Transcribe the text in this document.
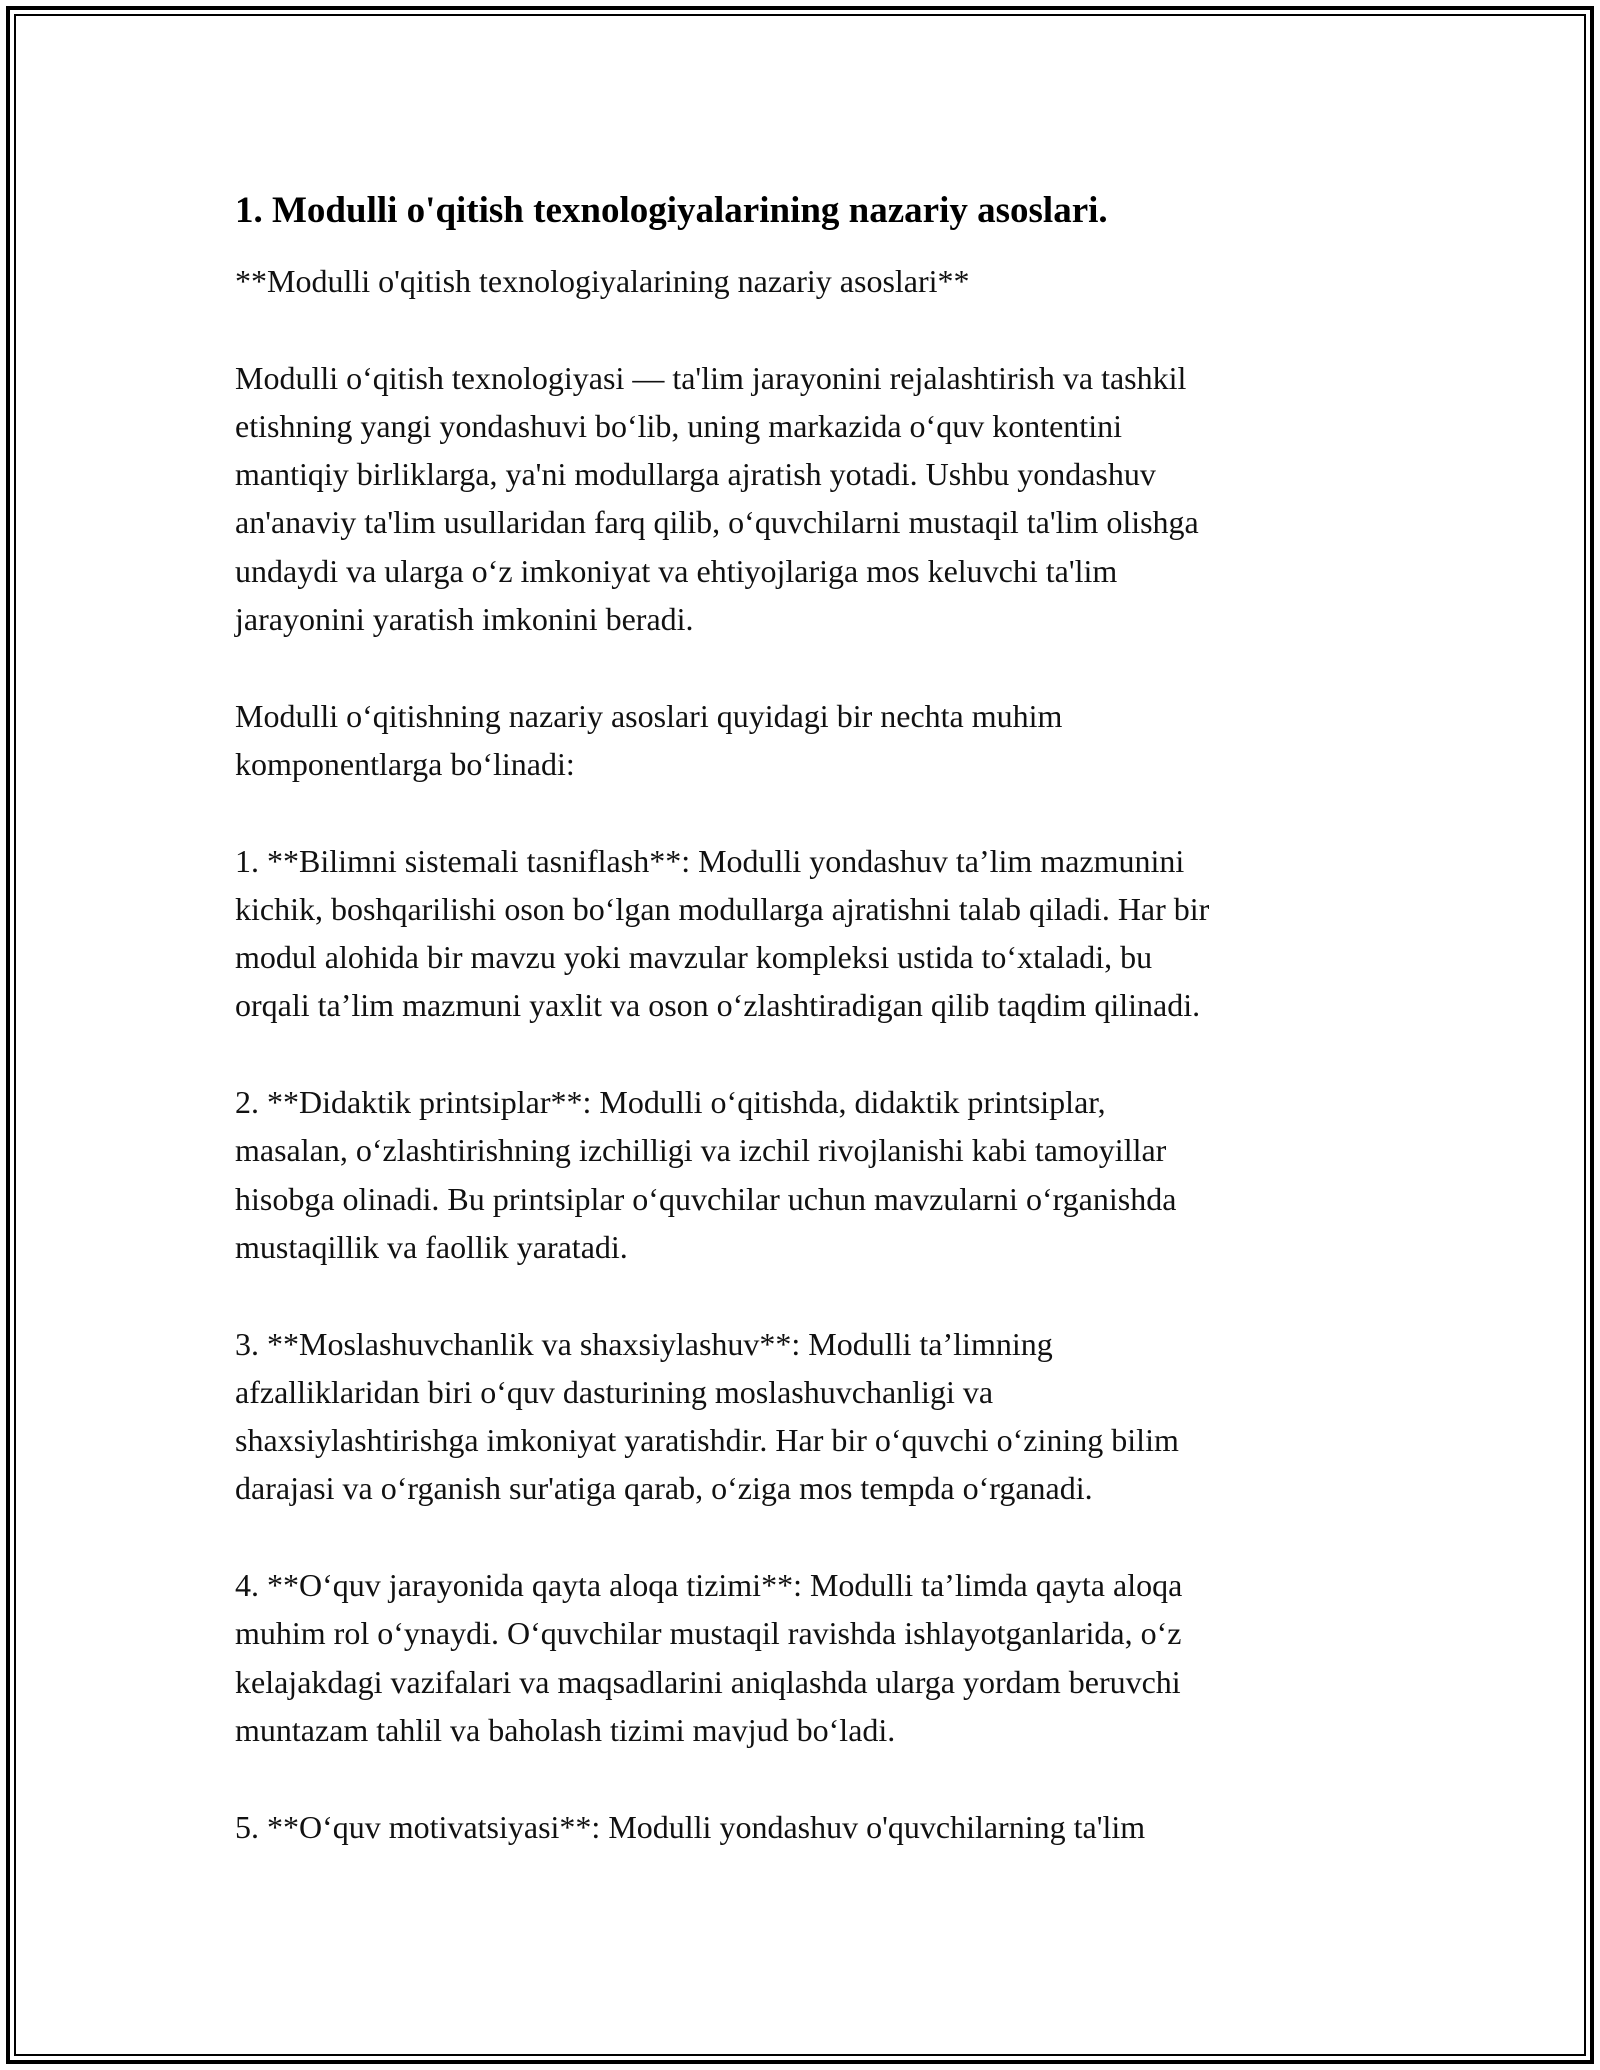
1. Modulli o'qitish texnologiyalarining nazariy asoslari.

**Modulli o'qitish texnologiyalarining nazariy asoslari**

Modulli o‘qitish texnologiyasi — ta'lim jarayonini rejalashtirish va tashkil
etishning yangi yondashuvi bo‘lib, uning markazida o‘quv kontentini
mantiqiy birliklarga, ya'ni modullarga ajratish yotadi. Ushbu yondashuv
an'anaviy ta'lim usullaridan farq qilib, o‘quvchilarni mustaqil ta'lim olishga
undaydi va ularga o‘z imkoniyat va ehtiyojlariga mos keluvchi ta'lim
jarayonini yaratish imkonini beradi.

Modulli o‘qitishning nazariy asoslari quyidagi bir nechta muhim
komponentlarga bo‘linadi:

1. **Bilimni sistemali tasniflash**: Modulli yondashuv ta’lim mazmunini
kichik, boshqarilishi oson bo‘lgan modullarga ajratishni talab qiladi. Har bir
modul alohida bir mavzu yoki mavzular kompleksi ustida to‘xtaladi, bu
orqali ta’lim mazmuni yaxlit va oson o‘zlashtiradigan qilib taqdim qilinadi.

2. **Didaktik printsiplar**: Modulli o‘qitishda, didaktik printsiplar,
masalan, o‘zlashtirishning izchilligi va izchil rivojlanishi kabi tamoyillar
hisobga olinadi. Bu printsiplar o‘quvchilar uchun mavzularni o‘rganishda
mustaqillik va faollik yaratadi.

3. **Moslashuvchanlik va shaxsiylashuv**: Modulli ta’limning
afzalliklaridan biri o‘quv dasturining moslashuvchanligi va
shaxsiylashtirishga imkoniyat yaratishdir. Har bir o‘quvchi o‘zining bilim
darajasi va o‘rganish sur'atiga qarab, o‘ziga mos tempda o‘rganadi.

4. **O‘quv jarayonida qayta aloqa tizimi**: Modulli ta’limda qayta aloqa
muhim rol o‘ynaydi. O‘quvchilar mustaqil ravishda ishlayotganlarida, o‘z
kelajakdagi vazifalari va maqsadlarini aniqlashda ularga yordam beruvchi
muntazam tahlil va baholash tizimi mavjud bo‘ladi.

5. **O‘quv motivatsiyasi**: Modulli yondashuv o'quvchilarning ta'lim
